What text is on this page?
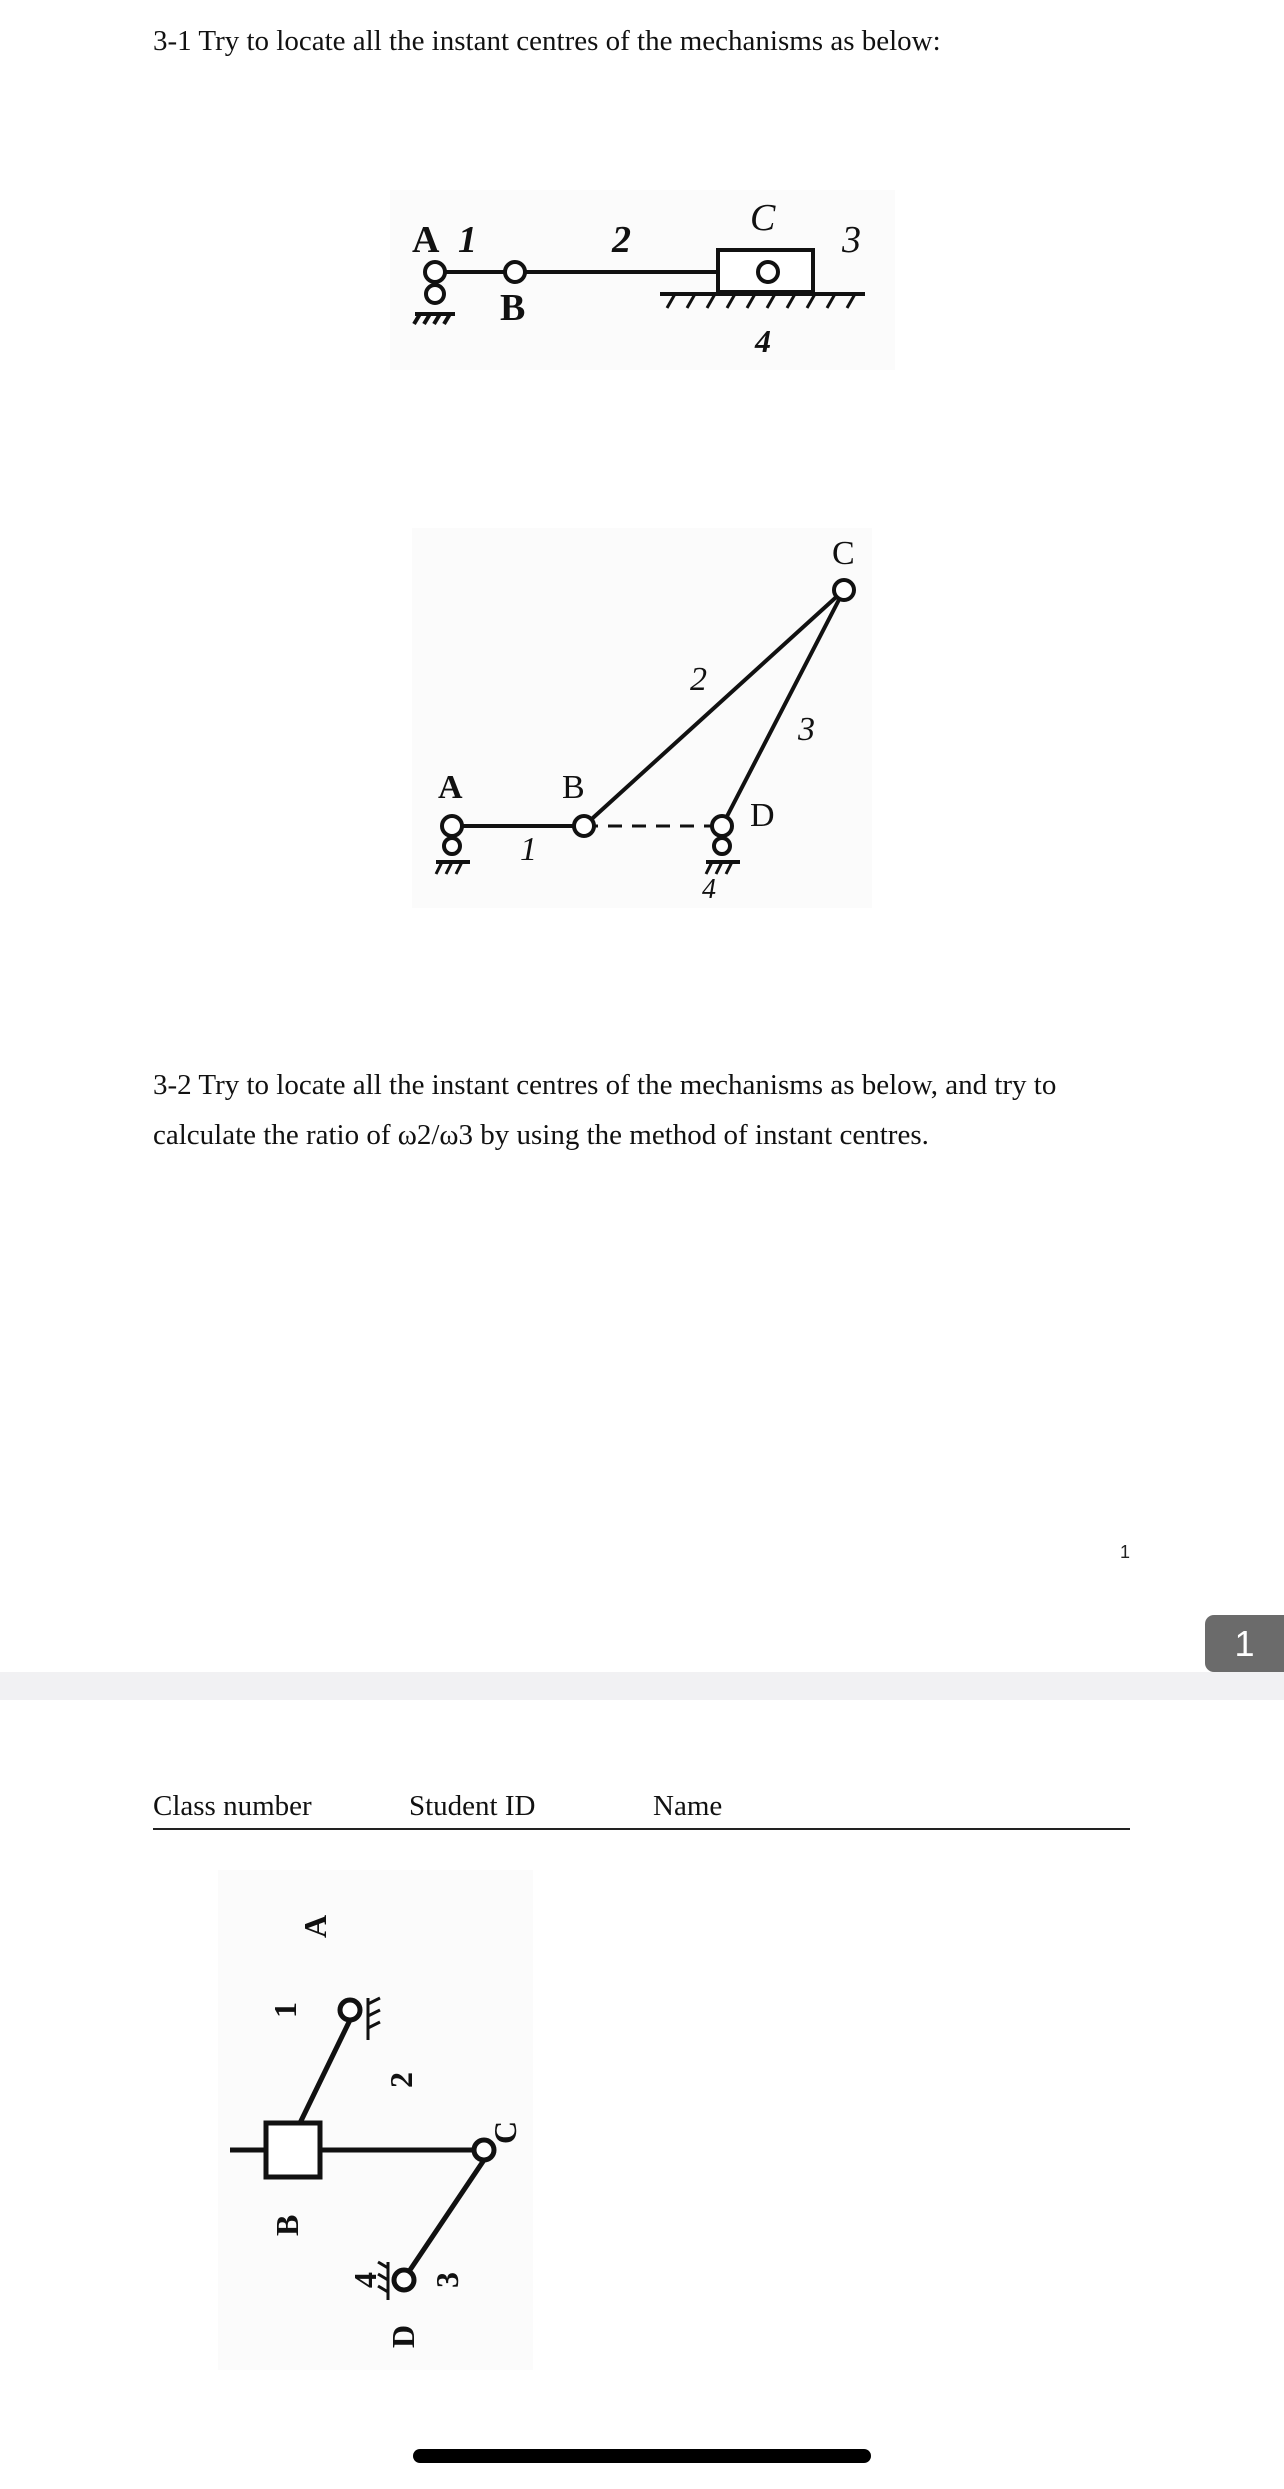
3-1 Try to locate all the instant centres of the mechanisms as below:
A 1
B
2
C
3
4
C
2
3
A	B
D
1
4
3-2 Try to locate all the instant centres of the mechanisms as below, and try to calculate the ratio of ω2/ω3 by using the method of instant centres.
1
1
Class number	Student ID	Name
A
1
2
C
B
3
4
D
